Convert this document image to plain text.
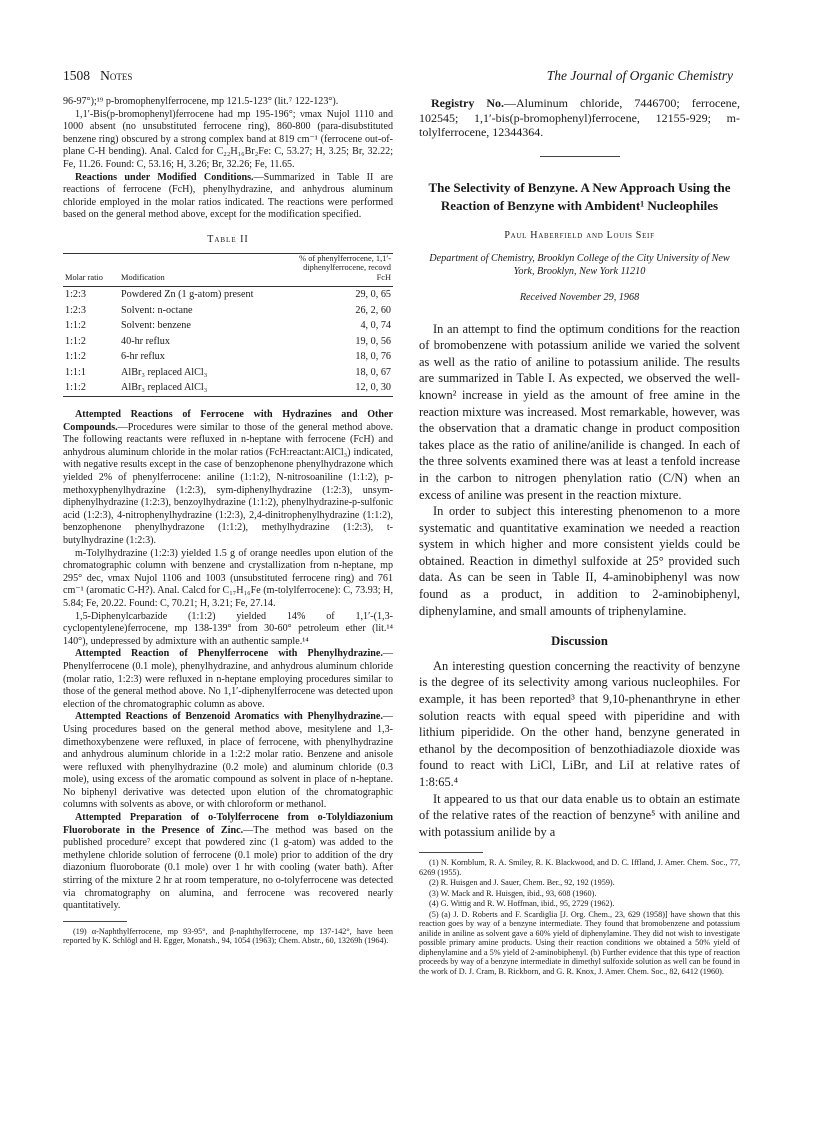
1508 Notes	The Journal of Organic Chemistry

96-97°);¹⁹ p-bromophenylferrocene, mp 121.5-123° (lit.⁷ 122-123°).

1,1′-Bis(p-bromophenyl)ferrocene had mp 195-196°; νmax Nujol 1110 and 1000 absent (no unsubstituted ferrocene ring), 860-800 (para-disubstituted benzene ring) obscured by a strong complex band at 819 cm⁻¹ (ferrocene out-of-plane C-H bending). Anal. Calcd for C₂₂H₁₆Br₂Fe: C, 53.27; H, 3.25; Br, 32.22; Fe, 11.26. Found: C, 53.16; H, 3.26; Br, 32.26; Fe, 11.65.

Reactions under Modified Conditions.—Summarized in Table II are reactions of ferrocene (FcH), phenylhydrazine, and anhydrous aluminum chloride employed in the molar ratios indicated. The reactions were performed based on the general method above, except for the modification specified.

Table II
Molar ratio	Modification	% of phenylferrocene, 1,1′-diphenylferrocene, recovd FcH
1:2:3	Powdered Zn (1 g-atom) present	29, 0, 65
1:2:3	Solvent: n-octane	26, 2, 60
1:1:2	Solvent: benzene	4, 0, 74
1:1:2	40-hr reflux	19, 0, 56
1:1:2	6-hr reflux	18, 0, 76
1:1:1	AlBr₃ replaced AlCl₃	18, 0, 67
1:1:2	AlBr₃ replaced AlCl₃	12, 0, 30

Attempted Reactions of Ferrocene with Hydrazines and Other Compounds.—Procedures were similar to those of the general method above. The following reactants were refluxed in n-heptane with ferrocene (FcH) and anhydrous aluminum chloride in the molar ratios (FcH:reactant:AlCl₃) indicated, with negative results except in the case of benzophenone phenylhydrazone which yielded 2% of phenylferrocene: aniline (1:1:2), N-nitrosoaniline (1:1:2), p-methoxyphenylhydrazine (1:2:3), sym-diphenylhydrazine (1:2:3), unsym-diphenylhydrazine (1:2:3), benzoylhydrazine (1:1:2), phenylhydrazine-p-sulfonic acid (1:2:3), 4-nitrophenylhydrazine (1:2:3), 2,4-dinitrophenylhydrazine (1:1:2), benzophenone phenylhydrazone (1:1:2), methylhydrazine (1:2:3), t-butylhydrazine (1:2:3).

m-Tolylhydrazine (1:2:3) yielded 1.5 g of orange needles upon elution of the chromatographic column with benzene and crystallization from n-heptane, mp 295° dec, νmax Nujol 1106 and 1003 (unsubstituted ferrocene ring) and 761 cm⁻¹ (aromatic C-H?). Anal. Calcd for C₁₇H₁₆Fe (m-tolylferrocene): C, 73.93; H, 5.84; Fe, 20.22. Found: C, 70.21; H, 3.21; Fe, 27.14.

1,5-Diphenylcarbazide (1:1:2) yielded 14% of 1,1′-(1,3-cyclopentylene)ferrocene, mp 138-139° from 30-60° petroleum ether (lit.¹⁴ 140°), undepressed by admixture with an authentic sample.¹⁴

Attempted Reaction of Phenylferrocene with Phenylhydrazine.—Phenylferrocene (0.1 mole), phenylhydrazine, and anhydrous aluminum chloride (molar ratio, 1:2:3) were refluxed in n-heptane employing procedures similar to those of the general method above. No 1,1′-diphenylferrocene was detected upon election of the chromatographic column as above.

Attempted Reactions of Benzenoid Aromatics with Phenylhydrazine.—Using procedures based on the general method above, mesitylene and 1,3-dimethoxybenzene were refluxed, in place of ferrocene, with phenylhydrazine and anhydrous aluminum chloride in a 1:2:2 molar ratio. Benzene and anisole were refluxed with phenylhydrazine (0.2 mole) and aluminum chloride (0.3 mole), using excess of the aromatic compound as solvent in place of n-heptane. No biphenyl derivative was detected upon elution of the chromatographic columns with solvents as above, or with chloroform or methanol.

Attempted Preparation of o-Tolylferrocene from o-Tolyldiazonium Fluoroborate in the Presence of Zinc.—The method was based on the published procedure⁷ except that powdered zinc (1 g-atom) was added to the methylene chloride solution of ferrocene (0.1 mole) prior to addition of the dry diazonium fluoroborate (0.1 mole) over 1 hr with cooling (water bath). After stirring of the mixture 2 hr at room temperature, no o-tolyferrocene was detected via chromatography on alumina, and ferrocene was recovered nearly quantitatively.

(19) α-Naphthylferrocene, mp 93-95°, and β-naphthylferrocene, mp 137-142°, have been reported by K. Schlögl and H. Egger, Monatsh., 94, 1054 (1963); Chem. Abstr., 60, 13269h (1964).

Registry No.—Aluminum chloride, 7446700; ferrocene, 102545; 1,1′-bis(p-bromophenyl)ferrocene, 12155-929; m-tolylferrocene, 12344364.
The Selectivity of Benzyne. A New Approach Using the Reaction of Benzyne with Ambident¹ Nucleophiles
Paul Haberfield and Louis Seif
Department of Chemistry, Brooklyn College of the City University of New York, Brooklyn, New York 11210
Received November 29, 1968

In an attempt to find the optimum conditions for the reaction of bromobenzene with potassium anilide we varied the solvent as well as the ratio of aniline to potassium anilide. The results are summarized in Table I. As expected, we observed the well-known² increase in yield as the amount of free amine in the reaction mixture was increased. Most remarkable, however, was the observation that a dramatic change in product composition takes place as the ratio of aniline/anilide is changed. In each of the three solvents examined there was at least a tenfold increase in the carbon to nitrogen phenylation ratio (C/N) when an excess of aniline was present in the reaction mixture.

In order to subject this interesting phenomenon to a more systematic and quantitative examination we needed a reaction system in which higher and more consistent yields could be obtained. Reaction in dimethyl sulfoxide at 25° provided such data. As can be seen in Table II, 4-aminobiphenyl was now found as a product, in addition to 2-aminobiphenyl, diphenylamine, and small amounts of triphenylamine.

Discussion

An interesting question concerning the reactivity of benzyne is the degree of its selectivity among various nucleophiles. For example, it has been reported³ that 9,10-phenanthryne in ether solution reacts with equal speed with piperidine and with lithium piperidide. On the other hand, benzyne generated in ethanol by the decomposition of benzothiadiazole dioxide was found to react with LiCl, LiBr, and LiI at relative rates of 1:8:65.⁴

It appeared to us that our data enable us to obtain an estimate of the relative rates of the reaction of benzyne⁵ with aniline and with potassium anilide by a

(1) N. Kornblum, R. A. Smiley, R. K. Blackwood, and D. C. Iffland, J. Amer. Chem. Soc., 77, 6269 (1955).

(2) R. Huisgen and J. Sauer, Chem. Ber., 92, 192 (1959).

(3) W. Mack and R. Huisgen, ibid., 93, 608 (1960).

(4) G. Wittig and R. W. Hoffman, ibid., 95, 2729 (1962).

(5) (a) J. D. Roberts and F. Scardiglia [J. Org. Chem., 23, 629 (1958)] have shown that this reaction goes by way of a benzyne intermediate. They found that bromobenzene and potassium anilide in aniline as solvent gave a 60% yield of diphenylamine. They did not wish to investigate possible primary amine products. Using their reaction conditions we obtained a 50% yield of diphenylamine and a 5% yield of 2-aminobiphenyl. (b) Further evidence that this type of reaction proceeds by way of a benzyne intermediate in dimethyl sulfoxide solution as well can be found in the work of D. J. Cram, B. Rickborn, and G. R. Knox, J. Amer. Chem. Soc., 82, 6412 (1960).
